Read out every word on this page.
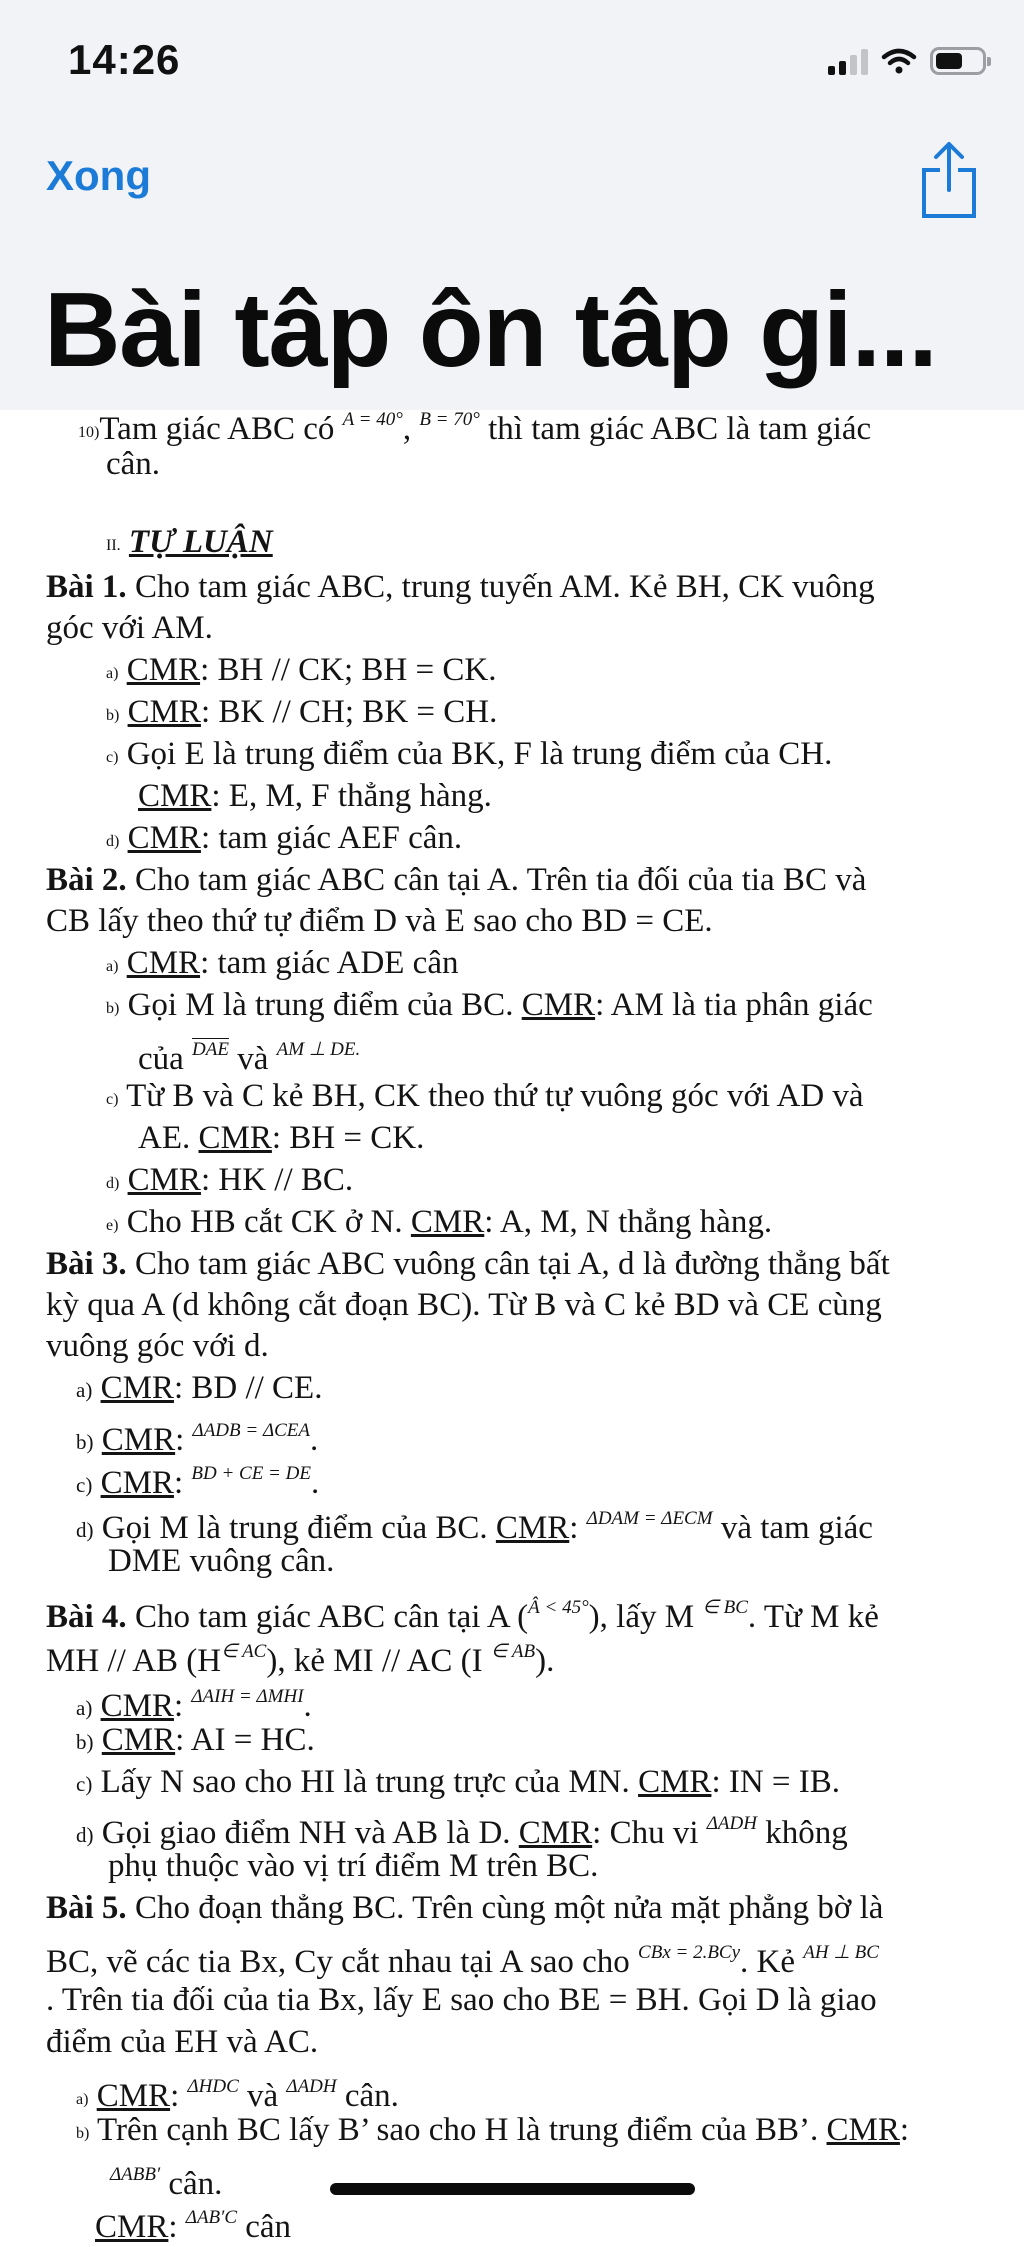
14:26
Xong
Bài tâp ôn tâp gi...
10)Tam giác ABC có $^{A = 40^\circ}$, $^{B = 70^\circ}$ thì tam giác ABC là tam giác
cân.
II. TỰ LUẬN
Bài 1. Cho tam giác ABC, trung tuyến AM. Kẻ BH, CK vuông
góc với AM.
a) CMR: BH // CK; BH = CK.
b) CMR: BK // CH; BK = CH.
c) Gọi E là trung điểm của BK, F là trung điểm của CH.
CMR: E, M, F thẳng hàng.
d) CMR: tam giác AEF cân.
Bài 2. Cho tam giác ABC cân tại A. Trên tia đối của tia BC và
CB lấy theo thứ tự điểm D và E sao cho BD = CE.
a) CMR: tam giác ADE cân
b) Gọi M là trung điểm của BC. CMR: AM là tia phân giác
của $^{\overline{DAE}}$ và $^{AM \perp DE.}$
c) Từ B và C kẻ BH, CK theo thứ tự vuông góc với AD và
AE. CMR: BH = CK.
d) CMR: HK // BC.
e) Cho HB cắt CK ở N. CMR: A, M, N thẳng hàng.
Bài 3. Cho tam giác ABC vuông cân tại A, d là đường thẳng bất
kỳ qua A (d không cắt đoạn BC). Từ B và C kẻ BD và CE cùng
vuông góc với d.
a) CMR: BD // CE.
b) CMR: $^{\Delta ADB = \Delta CEA}$.
c) CMR: $^{BD + CE = DE}$.
d) Gọi M là trung điểm của BC. CMR: $^{\Delta DAM = \Delta ECM}$ và tam giác
DME vuông cân.
Bài 4. Cho tam giác ABC cân tại A ($^{Â < 45^\circ}$), lấy M $^{\in BC}$. Từ M kẻ
MH // AB $(H^{\in AC})$, kẻ MI // AC (I $^{\in AB}$).
a) CMR: $^{\Delta AIH = \Delta MHI}$.
b) CMR: AI = HC.
c) Lấy N sao cho HI là trung trực của MN. CMR: IN = IB.
d) Gọi giao điểm NH và AB là D. CMR: Chu vi $^{\Delta ADH}$ không
phụ thuộc vào vị trí điểm M trên BC.
Bài 5. Cho đoạn thẳng BC. Trên cùng một nửa mặt phẳng bờ là
BC, vẽ các tia Bx, Cy cắt nhau tại A sao cho $^{CBx = 2.BCy}$. Kẻ $^{AH \perp BC}$
. Trên tia đối của tia Bx, lấy E sao cho BE = BH. Gọi D là giao
điểm của EH và AC.
a) CMR: $^{\Delta HDC}$ và $^{\Delta ADH}$ cân.
b) Trên cạnh BC lấy B’ sao cho H là trung điểm của BB’. CMR:
$^{\Delta ABB'}$ cân.
CMR: $^{\Delta AB'C}$ cân
